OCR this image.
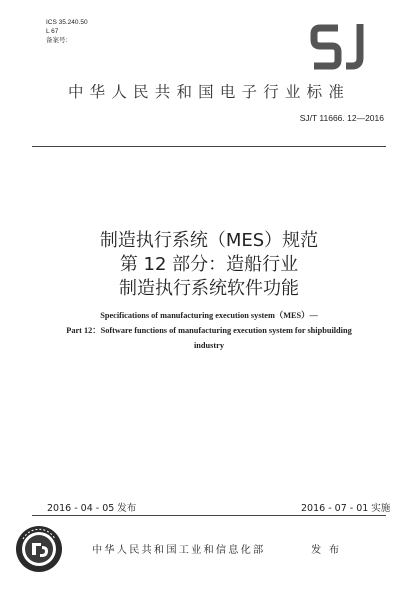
ICS 35.240.50
L 67
备案号:
中华人民共和国电子行业标准
SJ/T 11666. 12—2016
制造执行系统（MES）规范
第 12 部分：造船行业
制造执行系统软件功能
Specifications of manufacturing execution system（MES）—
Part 12：Software functions of manufacturing execution system for shipbuilding
industry
2016 - 04 - 05 发布	2016 - 07 - 01 实施
中华人民共和国工业和信息化部	发 布
